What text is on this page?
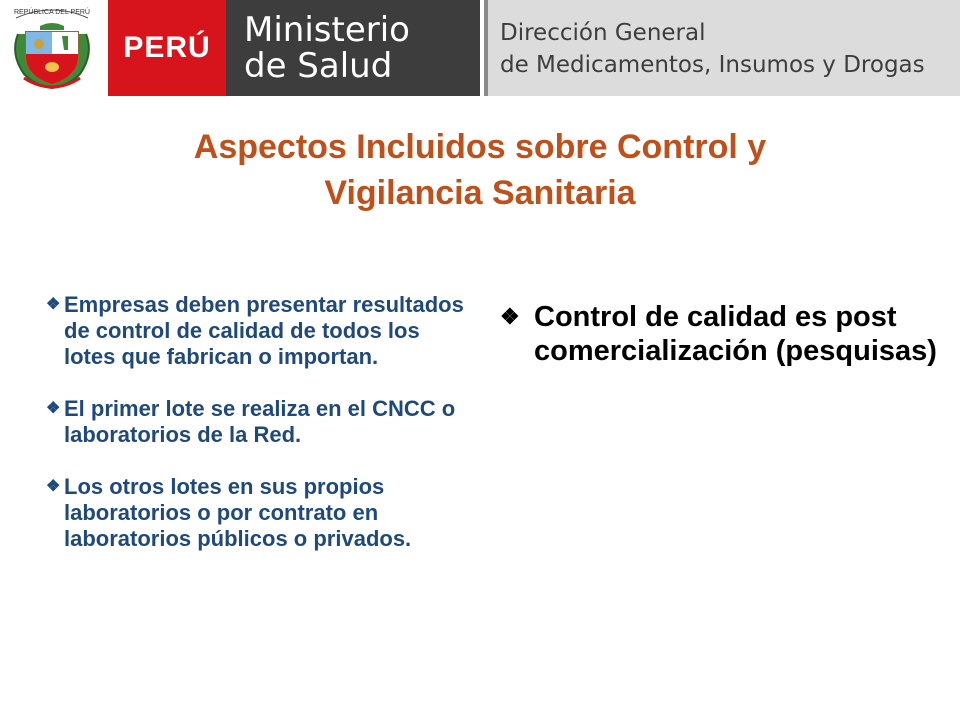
REPÚBLICA DEL PERÚ
PERÚ Ministerio
de Salud
Dirección General
de Medicamentos, Insumos y Drogas
Aspectos Incluidos sobre Control y
Vigilancia Sanitaria
❖ Empresas deben presentar resultados de control de calidad de todos los lotes que fabrican o importan.
❖ El primer lote se realiza en el CNCC o laboratorios de la Red.
❖ Los otros lotes en sus propios laboratorios o por contrato en laboratorios públicos o privados.
❖ Control de calidad es post comercialización (pesquisas)
